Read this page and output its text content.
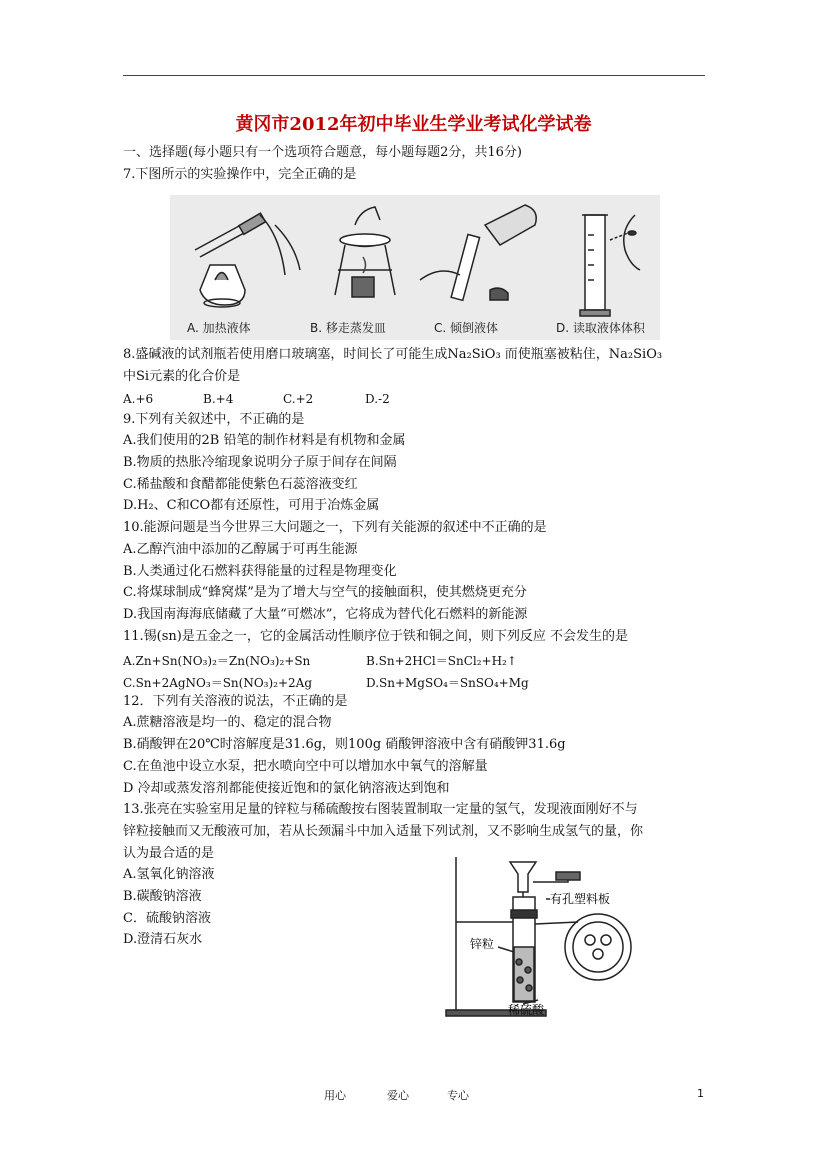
黄冈市2012年初中毕业生学业考试化学试卷
一、选择题(每小题只有一个选项符合题意，每小题每题2分，共16分)
7.下图所示的实验操作中，完全正确的是
A. 加热液体	B. 移走蒸发皿	C. 倾倒液体	D. 读取液体体积
8.盛碱液的试剂瓶若使用磨口玻璃塞，时间长了可能生成Na₂SiO₃ 而使瓶塞被粘住，Na₂SiO₃
中Si元素的化合价是
A.+6	B.+4	C.+2	D.-2
9.下列有关叙述中，不正确的是
A.我们使用的2B 铅笔的制作材料是有机物和金属
B.物质的热胀冷缩现象说明分子原于间存在间隔
C.稀盐酸和食醋都能使紫色石蕊溶液变红
D.H₂、C和CO都有还原性，可用于冶炼金属
10.能源问题是当今世界三大问题之一，下列有关能源的叙述中不正确的是
A.乙醇汽油中添加的乙醇属于可再生能源
B.人类通过化石燃料获得能量的过程是物理变化
C.将煤球制成“蜂窝煤”是为了增大与空气的接触面积，使其燃烧更充分
D.我国南海海底储藏了大量“可燃冰”，它将成为替代化石燃料的新能源
11.锡(sn)是五金之一，它的金属活动性顺序位于铁和铜之间，则下列反应 不会发生的是
A.Zn+Sn(NO₃)₂＝Zn(NO₃)₂+Sn	B.Sn+2HCl＝SnCl₂+H₂↑
C.Sn+2AgNO₃＝Sn(NO₃)₂+2Ag	D.Sn+MgSO₄＝SnSO₄+Mg
12．下列有关溶液的说法，不正确的是
A.蔗糖溶液是均一的、稳定的混合物
B.硝酸钾在20℃时溶解度是31.6g，则100g 硝酸钾溶液中含有硝酸钾31.6g
C.在鱼池中设立水泵，把水喷向空中可以增加水中氧气的溶解量
D 冷却或蒸发溶剂都能使接近饱和的氯化钠溶液达到饱和
13.张亮在实验室用足量的锌粒与稀硫酸按右图装置制取一定量的氢气，发现液面刚好不与
锌粒接触而又无酸液可加，若从长颈漏斗中加入适量下列试剂，又不影响生成氢气的量，你
认为最合适的是
A.氢氧化钠溶液
B.碳酸钠溶液
C．硫酸钠溶液
D.澄清石灰水
有孔塑料板
锌粒
稀硫酸
用心	爱心	专心	1
